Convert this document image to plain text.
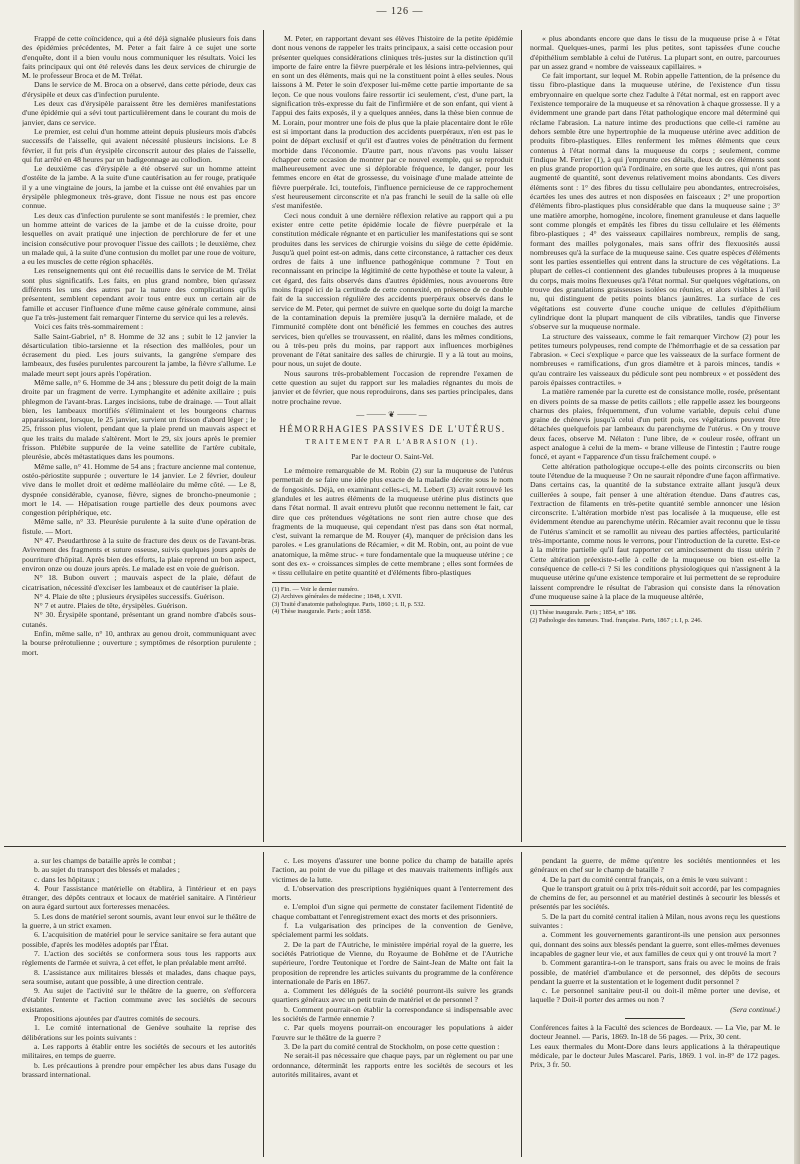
— 126 —

Frappé de cette coïncidence, qui a été déjà signalée plusieurs fois dans des épidémies précédentes, M. Peter a fait faire à ce sujet une sorte d'enquête, dont il a bien voulu nous communiquer les résultats. Voici les faits principaux qui ont été relevés dans les deux services de chirurgie de M. le professeur Broca et de M. Trélat.

Dans le service de M. Broca on a observé, dans cette période, deux cas d'érysipèle et deux cas d'infection purulente.

Les deux cas d'érysipèle paraissent être les dernières manifestations d'une épidémie qui a sévi tout particulièrement dans le courant du mois de janvier, dans ce service.

Le premier, est celui d'un homme atteint depuis plusieurs mois d'abcès successifs de l'aisselle, qui avaient nécessité plusieurs incisions. Le 8 février, il fut pris d'un érysipèle circonscrit autour des plaies de l'aisselle, qui fut arrêté en 48 heures par un badigeonnage au collodion.

Le deuxième cas d'érysipèle a été observé sur un homme atteint d'ostéite de la jambe. A la suite d'une cautérisation au fer rouge, pratiquée il y a une vingtaine de jours, la jambe et la cuisse ont été envahies par un érysipèle phlegmoneux très-grave, dont l'issue ne nous est pas encore connue.

Les deux cas d'infection purulente se sont manifestés : le premier, chez un homme atteint de varices de la jambe et de la cuisse droite, pour lesquelles on avait pratiqué une injection de perchlorure de fer et une incision consécutive pour provoquer l'issue des caillots ; le deuxième, chez un malade qui, à la suite d'une contusion du mollet par une roue de voiture, a eu les muscles de cette région sphacélés.

Les renseignements qui ont été recueillis dans le service de M. Trélat sont plus significatifs. Les faits, en plus grand nombre, bien qu'assez différents les uns des autres par la nature des complications qu'ils présentent, semblent cependant avoir tous entre eux un certain air de famille et accuser l'influence d'une même cause générale commune, ainsi que l'a très-justement fait remarquer l'interne du service qui les a relevés.

Voici ces faits très-sommairement :

Salle Saint-Gabriel, n° 8. Homme de 32 ans ; subit le 12 janvier la désarticulation tibio-tarsienne et la résection des malléoles, pour un écrasement du pied. Les jours suivants, la gangrène s'empare des lambeaux, des fusées purulentes parcourent la jambe, la fièvre s'allume. Le malade meurt sept jours après l'opération.

Même salle, n° 6. Homme de 34 ans ; blessure du petit doigt de la main droite par un fragment de verre. Lymphangite et adénite axillaire ; puis phlegmon de l'avant-bras. Larges incisions, tube de drainage. — Tout allait bien, les lambeaux mortifiés s'éliminaient et les bourgeons charnus apparaissaient, lorsque, le 25 janvier, survient un frisson d'abord léger ; le 25, frisson plus violent, pendant que la plaie prend un mauvais aspect et que les traits du malade s'altèrent. Mort le 29, six jours après le premier frisson. Phlébite suppurée de la veine satellite de l'artère cubitale, pleurésie, abcès métastatiques dans les poumons.

Même salle, n° 41. Homme de 54 ans ; fracture ancienne mal contenue, ostéo-périostite suppurée ; ouverture le 14 janvier. Le 2 février, douleur vive dans le mollet droit et œdème malléolaire du même côté. — Le 8, dyspnée considérable, cyanose, fièvre, signes de broncho-pneumonie ; mort le 14. — Hépatisation rouge partielle des deux poumons avec congestion périphérique, etc.

Même salle, n° 33. Pleurésie purulente à la suite d'une opération de fistule. — Mort.

N° 47. Pseudarthrose à la suite de fracture des deux os de l'avant-bras. Avivement des fragments et suture osseuse, suivis quelques jours après de pourriture d'hôpital. Après bien des efforts, la plaie reprend un bon aspect, environ onze ou douze jours après. Le malade est en voie de guérison.

N° 18. Bubon ouvert ; mauvais aspect de la plaie, défaut de cicatrisation, nécessité d'exciser les lambeaux et de cautériser la plaie.

N° 4. Plaie de tête ; plusieurs érysipèles successifs. Guérison.

N° 7 et autre. Plaies de tête, érysipèles. Guérison.

N° 30. Érysipèle spontané, présentant un grand nombre d'abcès sous-cutanés.

Enfin, même salle, n° 10, anthrax au genou droit, communiquant avec la bourse prérotulienne ; ouverture ; symptômes de résorption purulente ; mort.

M. Peter, en rapportant devant ses élèves l'histoire de la petite épidémie dont nous venons de rappeler les traits principaux, a saisi cette occasion pour présenter quelques considérations cliniques très-justes sur la distinction qu'il importe de faire entre la fièvre puerpérale et les lésions intra-pelviennes, qui en sont un des éléments, mais qui ne la constituent point à elles seules. Nous laissons à M. Peter le soin d'exposer lui-même cette partie importante de sa leçon. Ce que nous voulons faire ressortir ici seulement, c'est, d'une part, la signification très-expresse du fait de l'infirmière et de son enfant, qui vient à l'appui des faits exposés, il y a quelques années, dans la thèse bien connue de M. Lorain, pour montrer une fois de plus que la plaie placentaire dont le rôle est si important dans la production des accidents puerpéraux, n'en est pas le point de départ exclusif et qu'il est d'autres voies de pénétration du ferment morbide dans l'économie. D'autre part, nous n'avons pas voulu laisser échapper cette occasion de montrer par ce nouvel exemple, qui se reproduit malheureusement avec une si déplorable fréquence, le danger, pour les femmes encore en état de grossesse, du voisinage d'une malade atteinte de fièvre puerpérale. Ici, toutefois, l'influence pernicieuse de ce rapprochement s'est heureusement circonscrite et n'a pas franchi le seuil de la salle où elle s'est manifestée.

Ceci nous conduit à une dernière réflexion relative au rapport qui a pu exister entre cette petite épidémie locale de fièvre puerpérale et la constitution médicale régnante et en particulier les manifestations qui se sont produites dans les services de chirurgie voisins du siège de cette épidémie. Jusqu'à quel point est-on admis, dans cette circonstance, à rattacher ces deux ordres de faits à une influence pathogénique commune ? Tout en reconnaissant en principe la légitimité de cette hypothèse et toute la valeur, à cet égard, des faits observés dans d'autres épidémies, nous avouerons être moins frappé ici de la certitude de cette connexité, en présence de ce double fait de la succession régulière des accidents puerpéraux observés dans le service de M. Peter, qui permet de suivre en quelque sorte du doigt la marche de la contamination depuis la première jusqu'à la dernière malade, et de l'immunité complète dont ont bénéficié les femmes en couches des autres services, bien qu'elles se trouvassent, en réalité, dans les mêmes conditions, ou à très-peu près du moins, par rapport aux influences morbigènes provenant de l'état sanitaire des salles de chirurgie. Il y a là tout au moins, pour nous, un sujet de doute.

Nous saurons très-probablement l'occasion de reprendre l'examen de cette question au sujet du rapport sur les maladies régnantes du mois de janvier et de février, que nous reproduirons, dans ses parties principales, dans notre prochaine revue.

—⸻❦⸻—
HÉMORRHAGIES PASSIVES DE L'UTÉRUS.
TRAITEMENT PAR L'ABRASION (1).
Par le docteur O. Saint-Vel.

Le mémoire remarquable de M. Robin (2) sur la muqueuse de l'utérus permettait de se faire une idée plus exacte de la maladie décrite sous le nom de fongosités. Déjà, en examinant celles-ci, M. Lebert (3) avait retrouvé les glandules et les autres éléments de la muqueuse utérine plus distincts que dans l'état normal. Il avait entrevu plutôt que reconnu nettement le fait, car dire que ces prétendues végétations ne sont rien autre chose que des fragments de la muqueuse, qui cependant n'est pas dans son état normal, c'est, suivant la remarque de M. Rouyer (4), manquer de précision dans les paroles. « Les granulations de Récamier, « dit M. Robin, ont, au point de vue anatomique, la même struc- « ture fondamentale que la muqueuse utérine ; ce sont des ex- « croissances simples de cette membrane ; elles sont formées de « tissu cellulaire en petite quantité et d'éléments fibro-plastiques

(1) Fin. — Voir le dernier numéro.
(2) Archives générales de médecine ; 1848, t. XVII.
(3) Traité d'anatomie pathologique. Paris, 1860 ; t. II, p. 532.
(4) Thèse inaugurale. Paris ; août 1858.

« plus abondants encore que dans le tissu de la muqueuse prise à « l'état normal. Quelques-unes, parmi les plus petites, sont tapissées d'une couche d'épithélium semblable à celui de l'utérus. La plupart sont, en outre, parcourues par un assez grand « nombre de vaisseaux capillaires. »

Ce fait important, sur lequel M. Robin appelle l'attention, de la présence du tissu fibro-plastique dans la muqueuse utérine, de l'existence d'un tissu embryonnaire en quelque sorte chez l'adulte à l'état normal, est en rapport avec l'existence temporaire de la muqueuse et sa rénovation à chaque grossesse. Il y a évidemment une grande part dans l'état pathologique encore mal déterminé qui réclame l'abrasion. La nature intime des productions que celle-ci ramène au dehors semble être une hypertrophie de la muqueuse utérine avec addition de produits fibro-plastiques. Elles renferment les mêmes éléments que ceux contenus à l'état normal dans la muqueuse du corps ; seulement, comme l'indique M. Ferrier (1), à qui j'emprunte ces détails, deux de ces éléments sont en plus grande proportion qu'à l'ordinaire, en sorte que les autres, qui n'ont pas augmenté de quantité, sont devenus relativement moins abondants. Ces divers éléments sont : 1° des fibres du tissu cellulaire peu abondantes, entrecroisées, écartées les unes des autres et non disposées en faisceaux ; 2° une proportion d'éléments fibro-plastiques plus considérable que dans la muqueuse saine ; 3° une matière amorphe, homogène, incolore, finement granuleuse et dans laquelle sont comme plongés et empâtés les fibres du tissu cellulaire et les éléments fibro-plastiques ; 4° des vaisseaux capillaires nombreux, remplis de sang, formant des mailles polygonales, mais sans offrir des flexuosités aussi nombreuses qu'à la surface de la muqueuse saine. Ces quatre espèces d'éléments sont les parties essentielles qui entrent dans la structure de ces végétations. La plupart de celles-ci contiennent des glandes tubuleuses propres à la muqueuse du corps, mais moins flexueuses qu'à l'état normal. Sur quelques végétations, on trouve des granulations graisseuses isolées ou réunies, et alors visibles à l'œil nu, qui distinguent de petits points blancs jaunâtres. La surface de ces végétations est couverte d'une couche unique de cellules d'épithélium cylindrique dont la plupart manquent de cils vibratiles, tandis que l'inverse s'observe sur la muqueuse normale.

La structure des vaisseaux, comme le fait remarquer Virchow (2) pour les petites tumeurs polypeuses, rend compte de l'hémorrhagie et de sa cessation par l'abrasion. « Ceci s'explique « parce que les vaisseaux de la surface forment de nombreuses « ramifications, d'un gros diamètre et à parois minces, tandis « qu'au contraire les vaisseaux du pédicule sont peu nombreux « et possèdent des parois épaisses contractiles. »

La matière ramenée par la curette est de consistance molle, rosée, présentant en divers points de sa masse de petits caillots ; elle rappelle assez les bourgeons charnus des plaies, fréquemment, d'un volume variable, depuis celui d'une graine de chènevis jusqu'à celui d'un petit pois, ces végétations peuvent être détachées quelquefois par lambeaux du parenchyme de l'utérus. « On y trouve deux faces, observe M. Nélaton : l'une libre, de « couleur rosée, offrant un aspect analogue à celui de la mem- « brane villeuse de l'intestin ; l'autre rouge foncé, et ayant « l'apparence d'un tissu fraîchement coupé. »

Cette altération pathologique occupe-t-elle des points circonscrits ou bien toute l'étendue de la muqueuse ? On ne saurait répondre d'une façon affirmative. Dans certains cas, la quantité de la substance extraite allant jusqu'à deux cuillerées à soupe, fait penser à une altération étendue. Dans d'autres cas, l'extraction de filaments en très-petite quantité semble annoncer une lésion circonscrite. L'altération morbide n'est pas localisée à la muqueuse, elle est évidemment étendue au parenchyme utérin. Récamier avait reconnu que le tissu de l'utérus s'amincit et se ramollit au niveau des parties affectées, particularité très-importante, comme nous le verrons, pour l'introduction de la curette. Est-ce à la métrite partielle qu'il faut rapporter cet amincissement du tissu utérin ? Cette altération préexiste-t-elle à celle de la muqueuse ou bien est-elle la conséquence de celle-ci ? Si les conditions physiologiques qui n'assignent à la muqueuse utérine qu'une existence temporaire et lui permettent de se reproduire laissent comprendre le résultat de l'abrasion qui consiste dans la rénovation d'une muqueuse saine à la place de la muqueuse altérée,

(1) Thèse inaugurale. Paris ; 1854, n° 186.
(2) Pathologie des tumeurs. Trad. française. Paris, 1867 ; t. I, p. 246.

a. sur les champs de bataille après le combat ;

b. au sujet du transport des blessés et malades ;

c. dans les hôpitaux ;

4. Pour l'assistance matérielle on établira, à l'intérieur et en pays étranger, des dépôts centraux et locaux de matériel sanitaire. A l'intérieur on aura égard surtout aux forteresses menacées.

5. Les dons de matériel seront soumis, avant leur envoi sur le théâtre de la guerre, à un strict examen.

6. L'acquisition de matériel pour le service sanitaire se fera autant que possible, d'après les modèles adoptés par l'État.

7. L'action des sociétés se conformera sous tous les rapports aux règlements de l'armée et suivra, à cet effet, le plan préalable ment arrêté.

8. L'assistance aux militaires blessés et malades, dans chaque pays, sera soumise, autant que possible, à une direction centrale.

9. Au sujet de l'activité sur le théâtre de la guerre, on s'efforcera d'établir l'entente et l'action commune avec les sociétés de secours existantes.

Propositions ajoutées par d'autres comités de secours.

1. Le comité international de Genève souhaite la reprise des délibérations sur les points suivants :

a. Les rapports à établir entre les sociétés de secours et les autorités militaires, en temps de guerre.

b. Les précautions à prendre pour empêcher les abus dans l'usage du brassard international.

c. Les moyens d'assurer une bonne police du champ de bataille après l'action, au point de vue du pillage et des mauvais traitements infligés aux victimes de la lutte.

d. L'observation des prescriptions hygiéniques quant à l'enterrement des morts.

e. L'emploi d'un signe qui permette de constater facilement l'identité de chaque combattant et l'enregistrement exact des morts et des prisonniers.

f. La vulgarisation des principes de la convention de Genève, spécialement parmi les soldats.

2. De la part de l'Autriche, le ministère impérial royal de la guerre, les sociétés Patriotique de Vienne, du Royaume de Bohême et de l'Autriche supérieure, l'ordre Teutonique et l'ordre de Saint-Jean de Malte ont fait la proposition de reprendre les articles suivants du programme de la conférence internationale de Paris en 1867.

a. Comment les délégués de la société pourront-ils suivre les grands quartiers généraux avec un petit train de matériel et de personnel ?

b. Comment pourrait-on établir la correspondance si indispensable avec les sociétés de l'armée ennemie ?

c. Par quels moyens pourrait-on encourager les populations à aider l'œuvre sur le théâtre de la guerre ?

3. De la part du comité central de Stockholm, on pose cette question :

Ne serait-il pas nécessaire que chaque pays, par un règlement ou par une ordonnance, déterminât les rapports entre les sociétés de secours et les autorités militaires, avant et

pendant la guerre, de même qu'entre les sociétés mentionnées et les généraux en chef sur le champ de bataille ?

4. De la part du comité central français, on a émis le vœu suivant :

Que le transport gratuit ou à prix très-réduit soit accordé, par les compagnies de chemins de fer, au personnel et au matériel destinés à secourir les blessés et présentés par les sociétés.

5. De la part du comité central italien à Milan, nous avons reçu les questions suivantes :

a. Comment les gouvernements garantiront-ils une pension aux personnes qui, donnant des soins aux blessés pendant la guerre, sont elles-mêmes devenues incapables de gagner leur vie, et aux familles de ceux qui y ont trouvé la mort ?

b. Comment garantira-t-on le transport, sans frais ou avec le moins de frais possible, de matériel d'ambulance et de personnel, des dépôts de secours pendant la guerre et la sustentation et le logement dudit personnel ?

c. Le personnel sanitaire peut-il ou doit-il même porter une devise, et laquelle ? Doit-il porter des armes ou non ?

(Sera continué.)

Conférences faites à la Faculté des sciences de Bordeaux. — La Vie, par M. le docteur Jeannel. — Paris, 1869. In-18 de 56 pages. — Prix, 30 cent.

Les eaux thermales du Mont-Dore dans leurs applications à la thérapeutique médicale, par le docteur Jules Mascarel. Paris, 1869. 1 vol. in-8° de 172 pages. Prix, 3 fr. 50.
